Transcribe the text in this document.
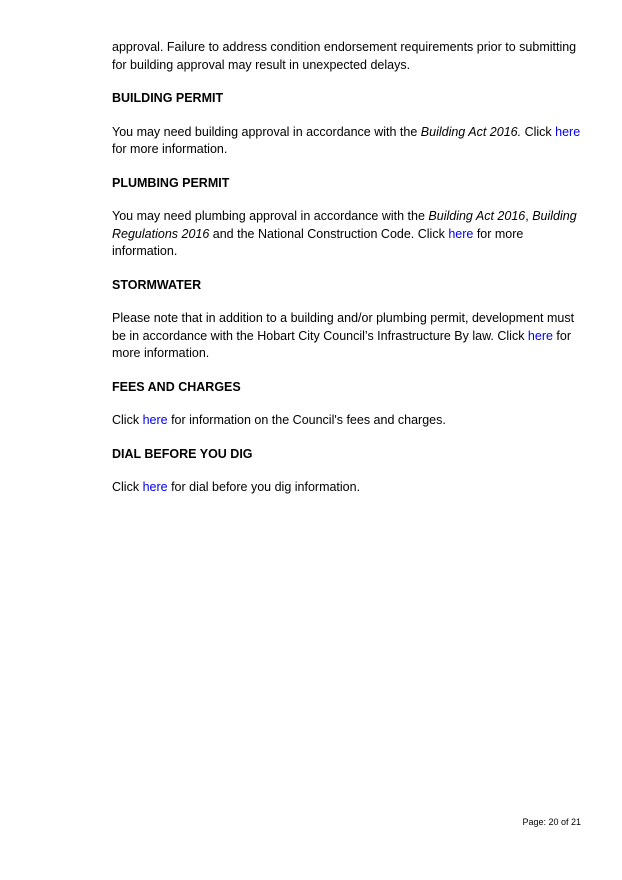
approval. Failure to address condition endorsement requirements prior to submitting for building approval may result in unexpected delays.

BUILDING PERMIT

You may need building approval in accordance with the Building Act 2016. Click here for more information.

PLUMBING PERMIT

You may need plumbing approval in accordance with the Building Act 2016, Building Regulations 2016 and the National Construction Code. Click here for more information.

STORMWATER

Please note that in addition to a building and/or plumbing permit, development must be in accordance with the Hobart City Council’s Infrastructure By law. Click here for more information.

FEES AND CHARGES

Click here for information on the Council's fees and charges.

DIAL BEFORE YOU DIG

Click here for dial before you dig information.

Page: 20 of 21
